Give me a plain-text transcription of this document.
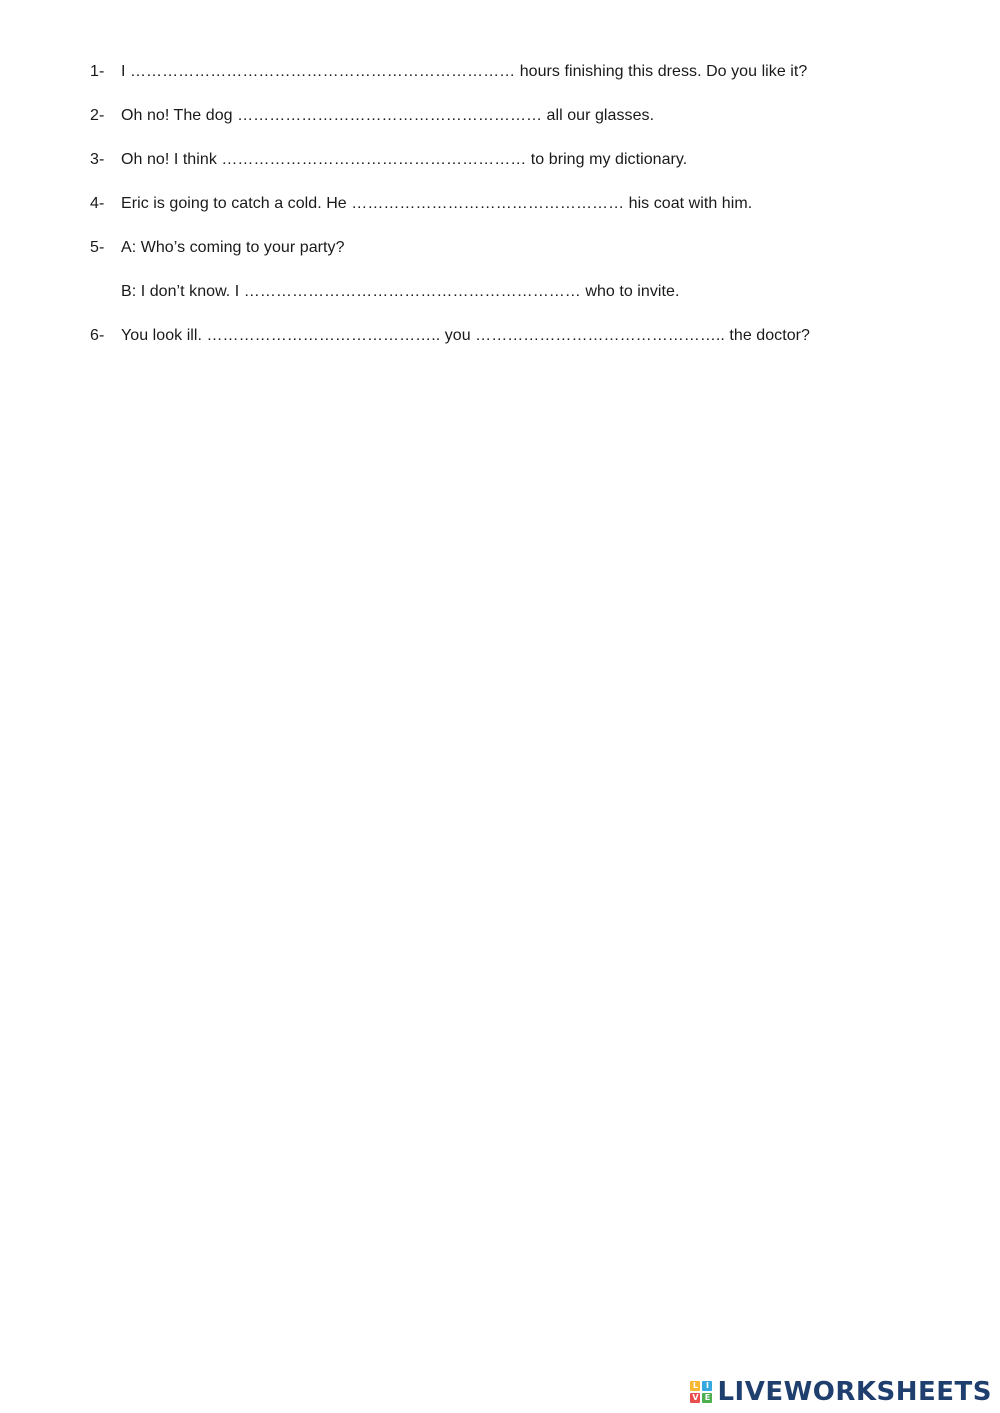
1- I ……………………………………………………………… hours finishing this dress. Do you like it?
2- Oh no! The dog ………………………………………………… all our glasses.
3- Oh no! I think ………………………………………………… to bring my dictionary.
4- Eric is going to catch a cold. He …………………………………………… his coat with him.
5- A: Who’s coming to your party?
B: I don’t know. I ……………………………………………………… who to invite.
6- You look ill. …………………………………….. you ……………………………………….. the doctor?
L I
V E LIVEWORKSHEETS
